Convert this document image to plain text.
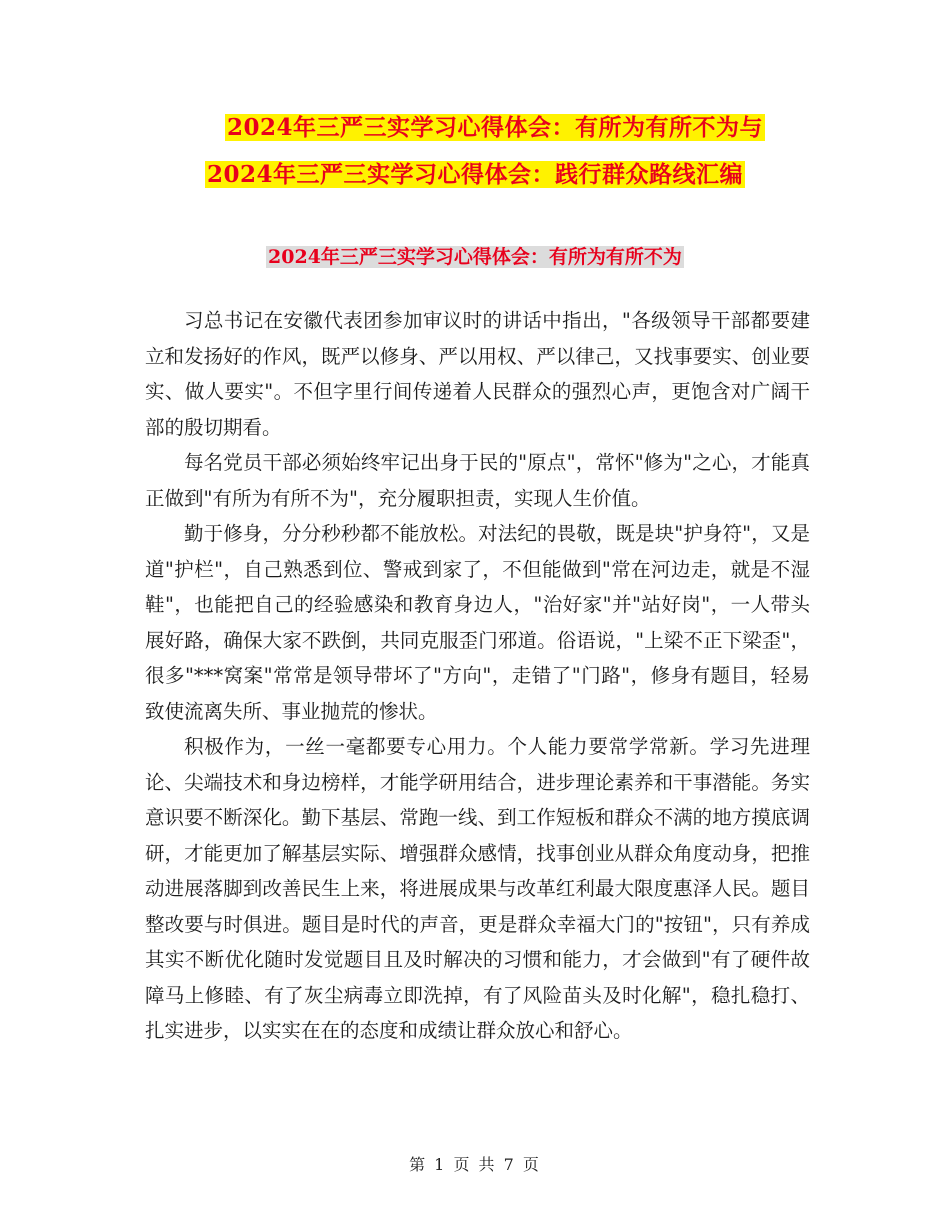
2024年三严三实学习心得体会：有所为有所不为与
2024年三严三实学习心得体会：践行群众路线汇编
2024年三严三实学习心得体会：有所为有所不为

习总书记在安徽代表团参加审议时的讲话中指出，"各级领导干部都要建立和发扬好的作风，既严以修身、严以用权、严以律己，又找事要实、创业要实、做人要实"。不但字里行间传递着人民群众的强烈心声，更饱含对广阔干部的殷切期看。

每名党员干部必须始终牢记出身于民的"原点"，常怀"修为"之心，才能真正做到"有所为有所不为"，充分履职担责，实现人生价值。

勤于修身，分分秒秒都不能放松。对法纪的畏敬，既是块"护身符"，又是道"护栏"，自己熟悉到位、警戒到家了，不但能做到"常在河边走，就是不湿鞋"，也能把自己的经验感染和教育身边人，"治好家"并"站好岗"，一人带头展好路，确保大家不跌倒，共同克服歪门邪道。俗语说，"上梁不正下梁歪"，很多"***窝案"常常是领导带坏了"方向"，走错了"门路"，修身有题目，轻易致使流离失所、事业抛荒的惨状。

积极作为，一丝一毫都要专心用力。个人能力要常学常新。学习先进理论、尖端技术和身边榜样，才能学研用结合，进步理论素养和干事潜能。务实意识要不断深化。勤下基层、常跑一线、到工作短板和群众不满的地方摸底调研，才能更加了解基层实际、增强群众感情，找事创业从群众角度动身，把推动进展落脚到改善民生上来，将进展成果与改革红利最大限度惠泽人民。题目整改要与时俱进。题目是时代的声音，更是群众幸福大门的"按钮"，只有养成其实不断优化随时发觉题目且及时解决的习惯和能力，才会做到"有了硬件故障马上修睦、有了灰尘病毒立即洗掉，有了风险苗头及时化解"，稳扎稳打、扎实进步，以实实在在的态度和成绩让群众放心和舒心。

第 1 页 共 7 页
